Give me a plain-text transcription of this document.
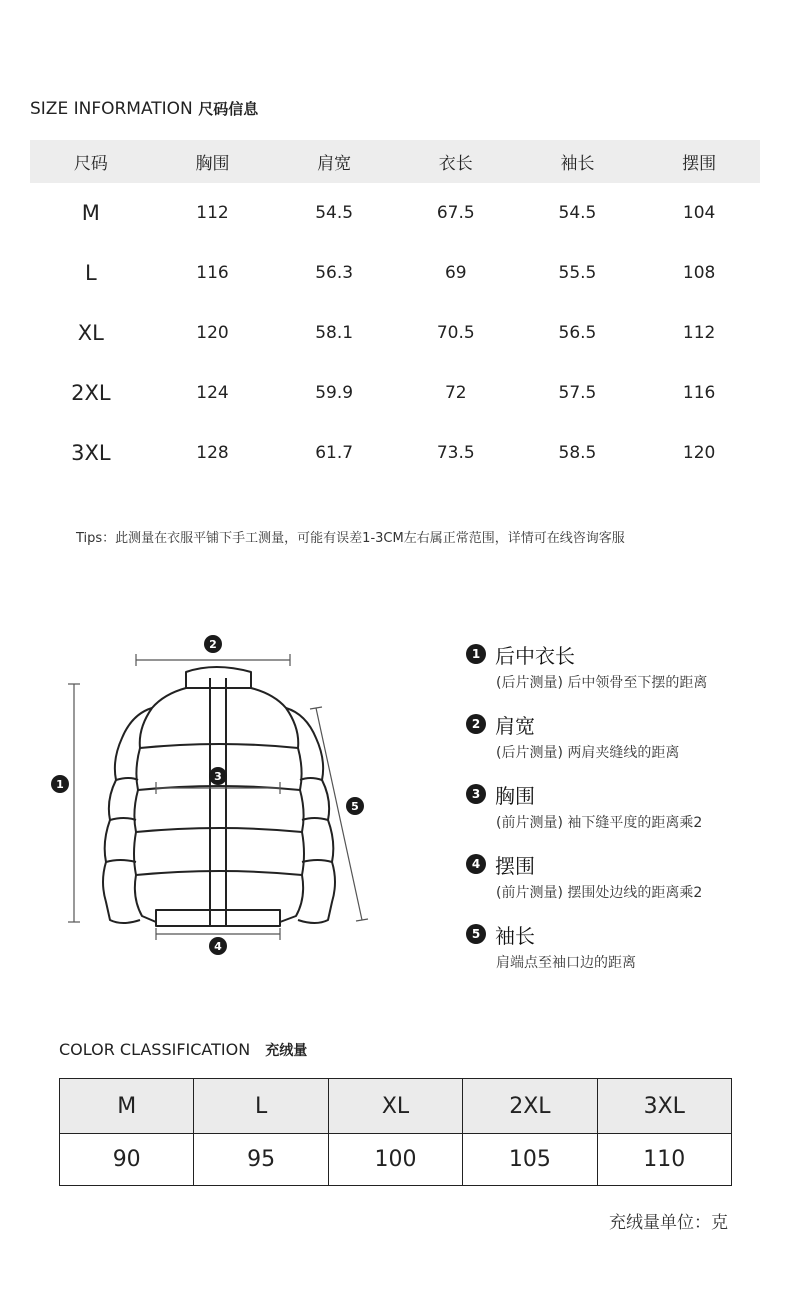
SIZE INFORMATION 尺码信息
尺码	胸围	肩宽	衣长	袖长	摆围
M	112	54.5	67.5	54.5	104
L	116	56.3	69	55.5	108
XL	120	58.1	70.5	56.5	112
2XL	124	59.9	72	57.5	116
3XL	128	61.7	73.5	58.5	120
Tips：此测量在衣服平铺下手工测量，可能有误差1-3CM左右属正常范围，详情可在线咨询客服
2
1
3
4
5
1 后中衣长
(后片测量) 后中领骨至下摆的距离
2 肩宽
(后片测量) 两肩夹缝线的距离
3 胸围
(前片测量) 袖下缝平度的距离乘2
4 摆围
(前片测量) 摆围处边线的距离乘2
5 袖长
肩端点至袖口边的距离
COLOR CLASSIFICATION 充绒量
M	L	XL	2XL	3XL
90	95	100	105	110
充绒量单位：克
